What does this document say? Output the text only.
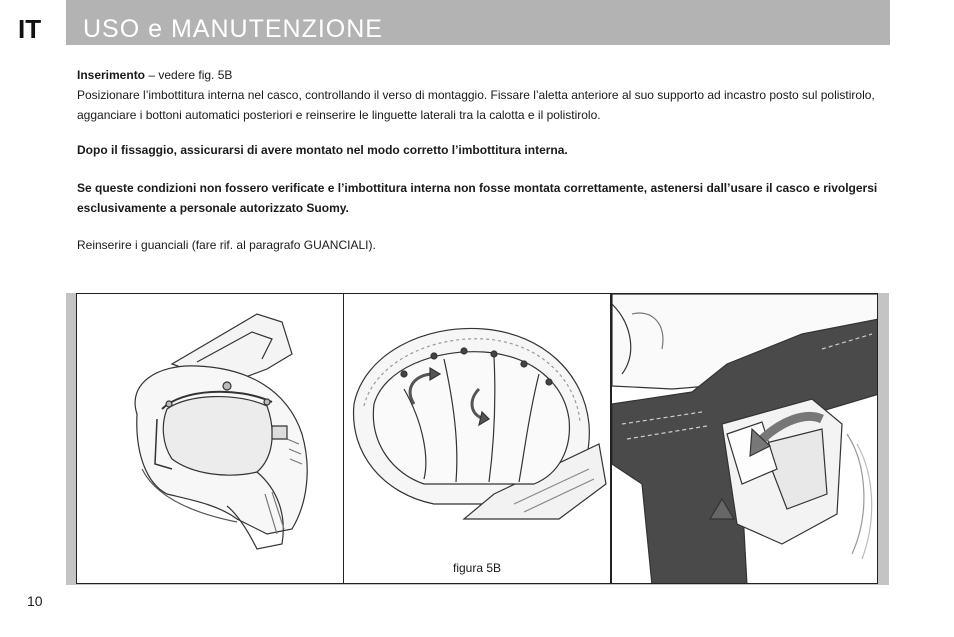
IT USO e MANUTENZIONE
Inserimento – vedere fig. 5B
Posizionare l’imbottitura interna nel casco, controllando il verso di montaggio. Fissare l’aletta anteriore al suo supporto ad incastro posto sul polistirolo, agganciare i bottoni automatici posteriori e reinserire le linguette laterali tra la calotta e il polistirolo.
Dopo il fissaggio, assicurarsi di avere montato nel modo corretto l’imbottitura interna.
Se queste condizioni non fossero verificate e l’imbottitura interna non fosse montata correttamente, astenersi dall’usare il casco e rivolgersi esclusivamente a personale autorizzato Suomy.
Reinserire i guanciali (fare rif. al paragrafo GUANCIALI).
figura 5B
10
